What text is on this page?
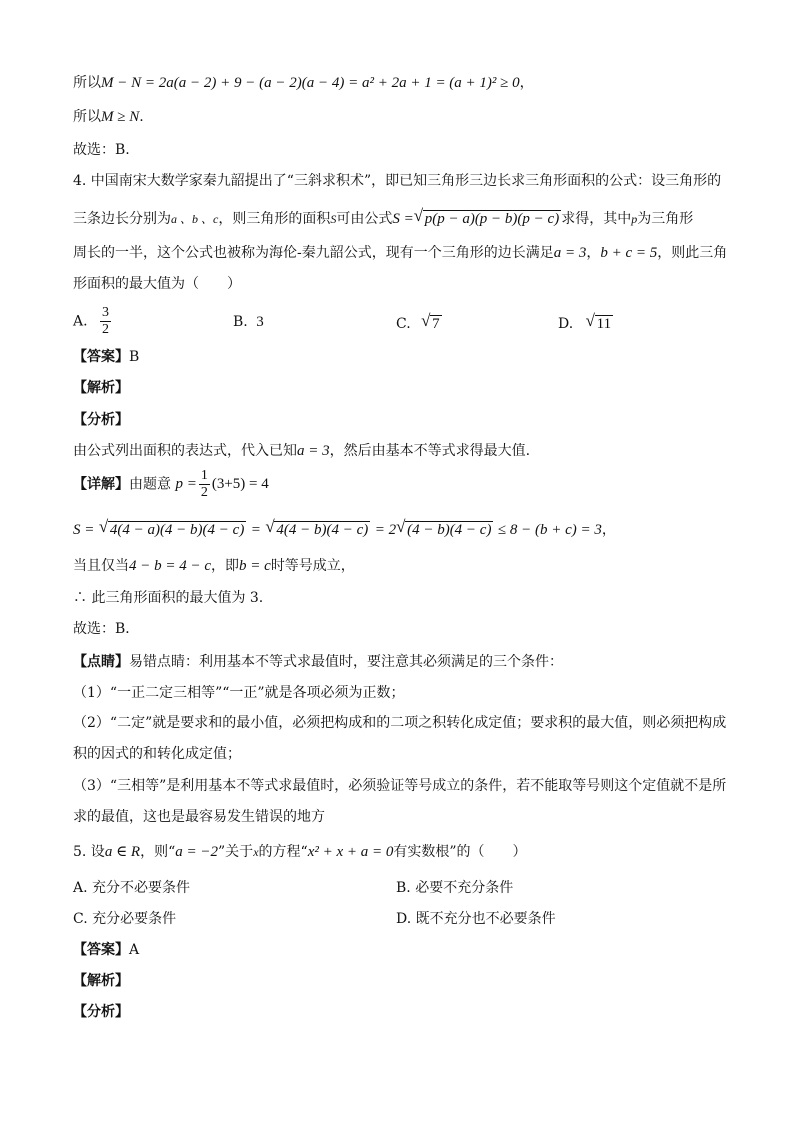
所以M − N = 2a(a − 2) + 9 − (a − 2)(a − 4) = a² + 2a + 1 = (a + 1)² ≥ 0，
所以M ≥ N.
故选：B.
4. 中国南宋大数学家秦九韶提出了“三斜求积术”，即已知三角形三边长求三角形面积的公式：设三角形的
三条边长分别为a 、b 、c，则三角形的面积S可由公式S = √ p(p − a)(p − b)(p − c) 求得，其中p为三角形
周长的一半，这个公式也被称为海伦-秦九韶公式，现有一个三角形的边长满足a = 3，b + c = 5，则此三角
形面积的最大值为（　　）
A. $\frac{3}{2}$	B. 3	C. √ 7	D. √ 11
【答案】B
【解析】
【分析】
由公式列出面积的表达式，代入已知a = 3，然后由基本不等式求得最大值.
【详解】由题意 $p = \frac{1}{2} (3+5) = 4$
S = √ 4(4 − a)(4 − b)(4 − c) = √ 4(4 − b)(4 − c) = 2 √ (4 − b)(4 − c) ≤ 8 − (b + c) = 3，
当且仅当4 − b = 4 − c，即b = c时等号成立，
∴ 此三角形面积的最大值为 3.
故选：B．
【点睛】易错点睛：利用基本不等式求最值时，要注意其必须满足的三个条件：
（1）“一正二定三相等”“一正”就是各项必须为正数；
（2）“二定”就是要求和的最小值，必须把构成和的二项之积转化成定值；要求积的最大值，则必须把构成
积的因式的和转化成定值；
（3）“三相等”是利用基本不等式求最值时，必须验证等号成立的条件，若不能取等号则这个定值就不是所
求的最值，这也是最容易发生错误的地方
5. 设a ∈ R，则“a = −2”关于x的方程“x² + x + a = 0有实数根”的（　　）
A. 充分不必要条件	B. 必要不充分条件
C. 充分必要条件	D. 既不充分也不必要条件
【答案】A
【解析】
【分析】
